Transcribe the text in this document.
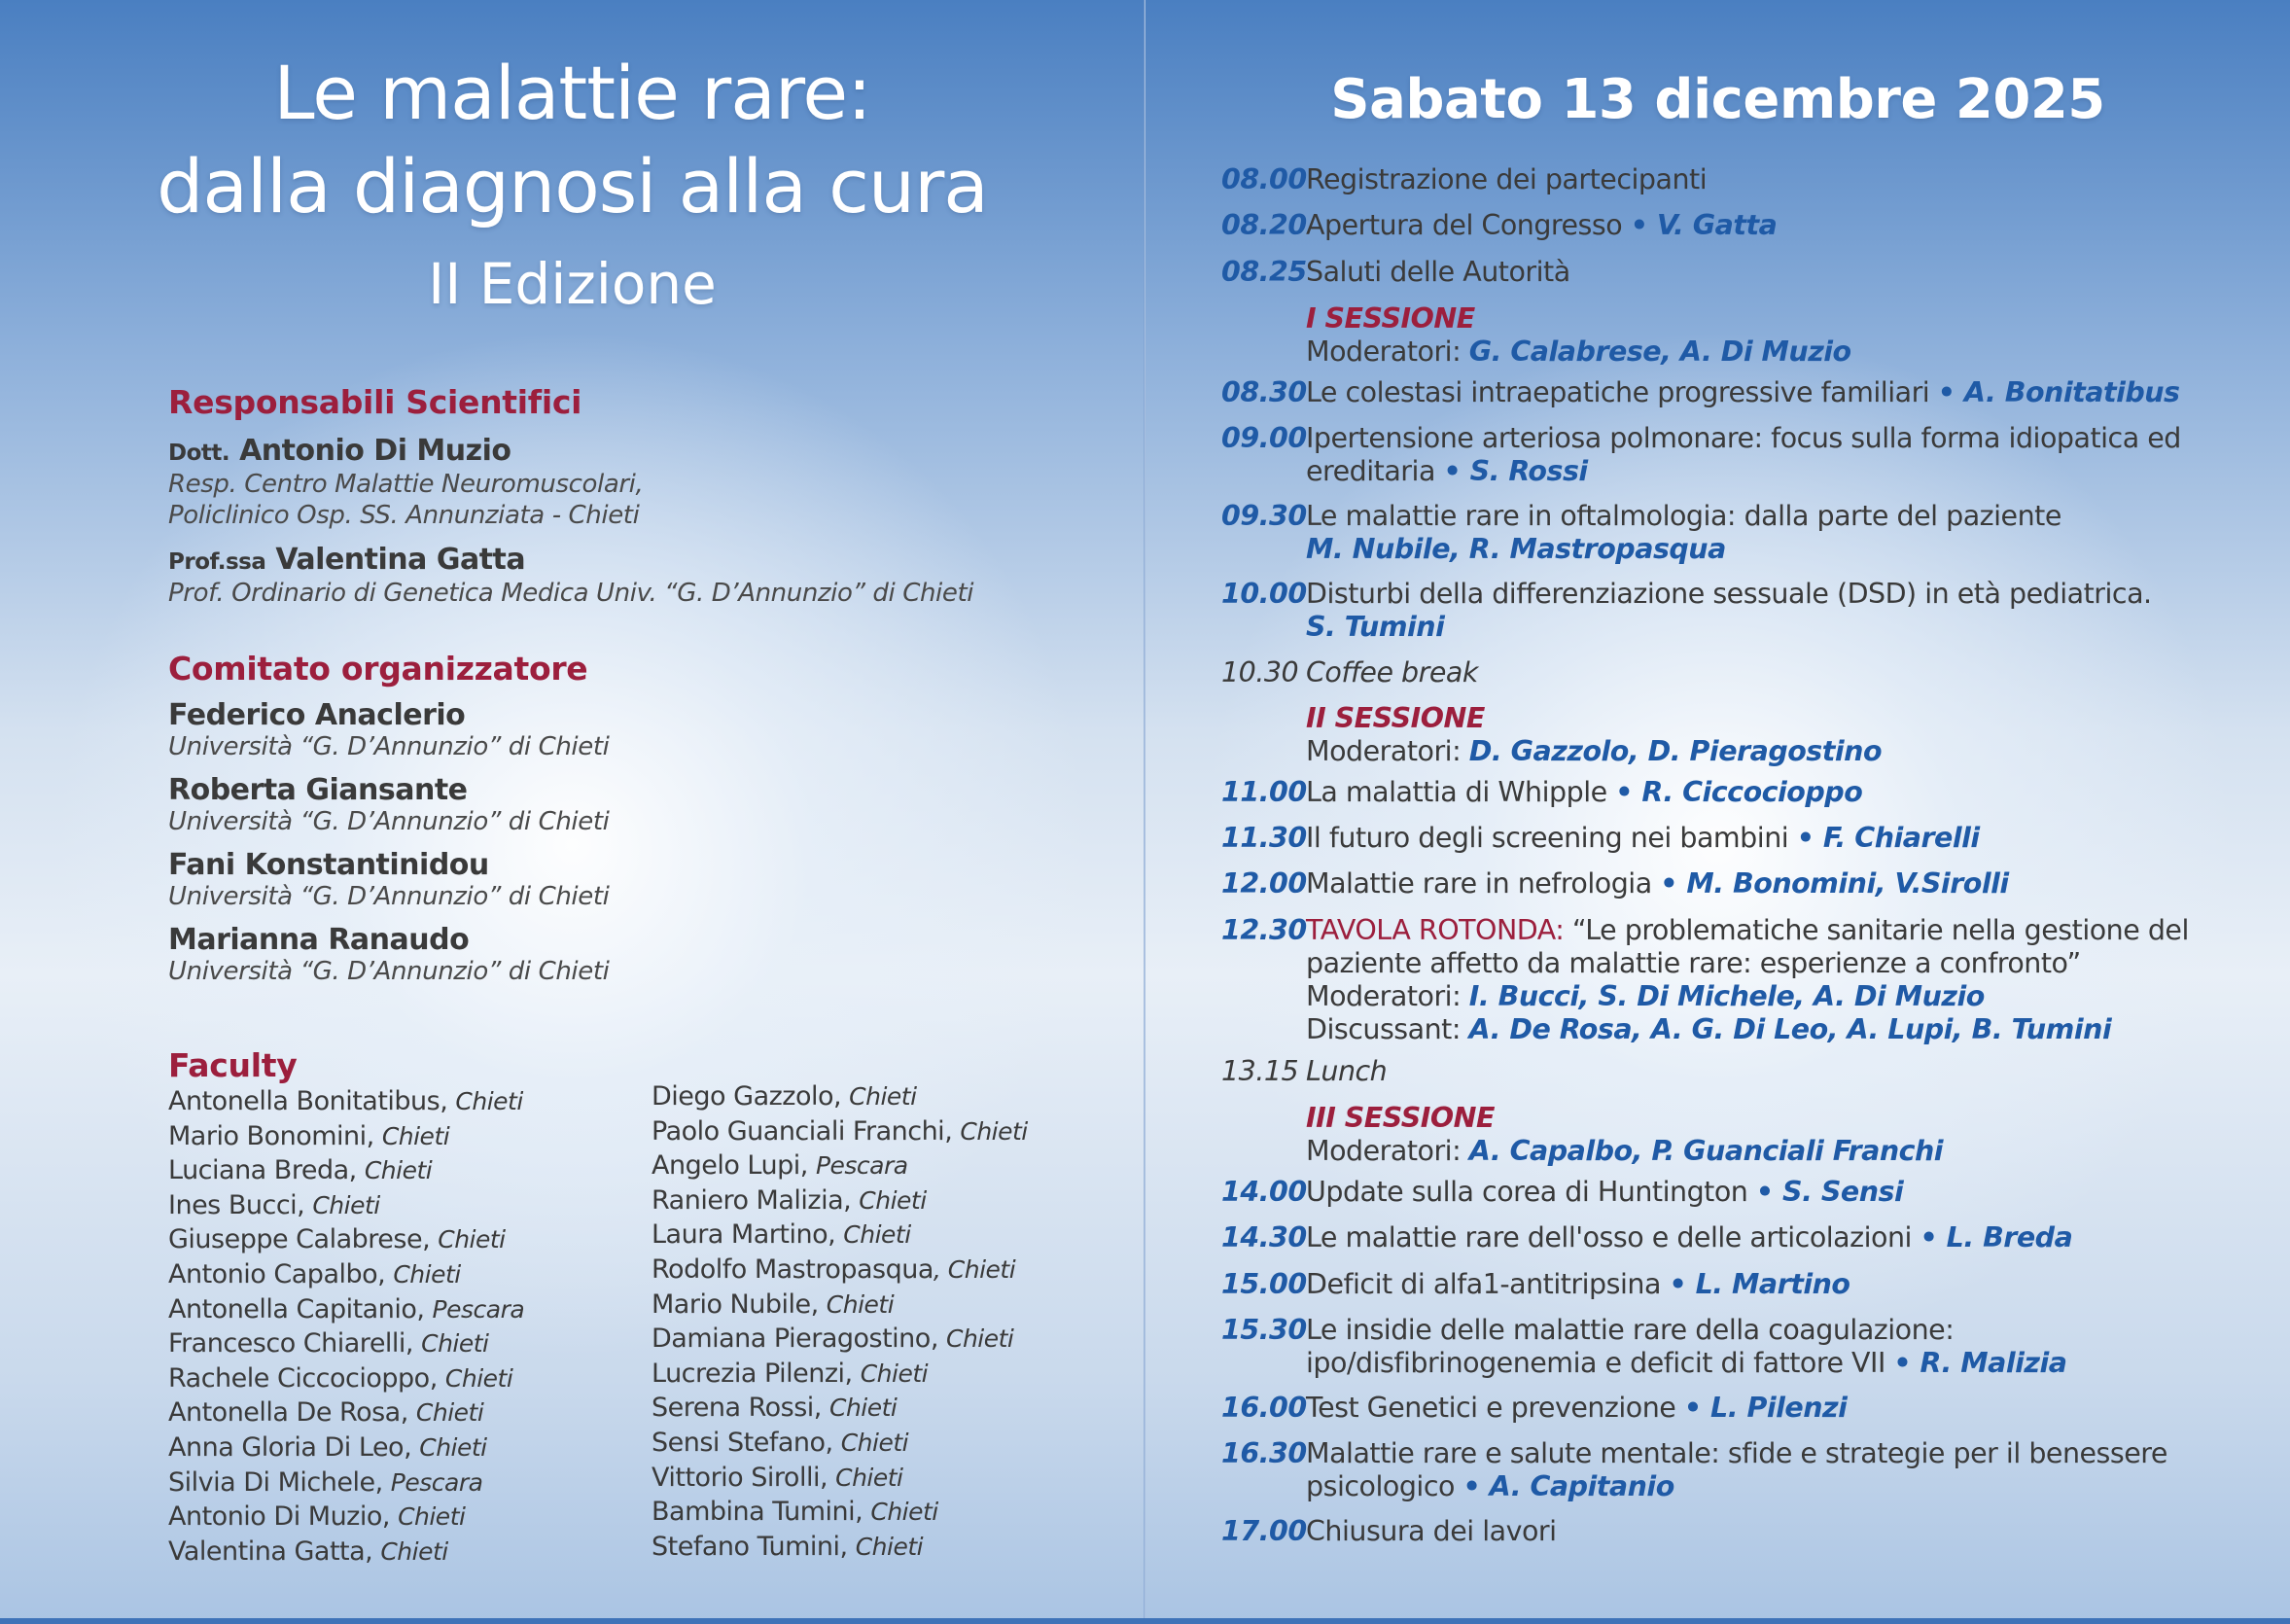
Le malattie rare:
dalla diagnosi alla cura
II Edizione
Responsabili Scientifici
Dott. Antonio Di Muzio
Resp. Centro Malattie Neuromuscolari,
Policlinico Osp. SS. Annunziata - Chieti
Prof.ssa Valentina Gatta
Prof. Ordinario di Genetica Medica Univ. “G. D’Annunzio” di Chieti
Comitato organizzatore
Federico Anaclerio
Università “G. D’Annunzio” di Chieti
Roberta Giansante
Università “G. D’Annunzio” di Chieti
Fani Konstantinidou
Università “G. D’Annunzio” di Chieti
Marianna Ranaudo
Università “G. D’Annunzio” di Chieti
Faculty
Antonella Bonitatibus, Chieti
Mario Bonomini, Chieti
Luciana Breda, Chieti
Ines Bucci, Chieti
Giuseppe Calabrese, Chieti
Antonio Capalbo, Chieti
Antonella Capitanio, Pescara
Francesco Chiarelli, Chieti
Rachele Ciccocioppo, Chieti
Antonella De Rosa, Chieti
Anna Gloria Di Leo, Chieti
Silvia Di Michele, Pescara
Antonio Di Muzio, Chieti
Valentina Gatta, Chieti
Diego Gazzolo, Chieti
Paolo Guanciali Franchi, Chieti
Angelo Lupi, Pescara
Raniero Malizia, Chieti
Laura Martino, Chieti
Rodolfo Mastropasqua, Chieti
Mario Nubile, Chieti
Damiana Pieragostino, Chieti
Lucrezia Pilenzi, Chieti
Serena Rossi, Chieti
Sensi Stefano, Chieti
Vittorio Sirolli, Chieti
Bambina Tumini, Chieti
Stefano Tumini, Chieti
Sabato 13 dicembre 2025
08.00 Registrazione dei partecipanti
08.20 Apertura del Congresso • V. Gatta
08.25 Saluti delle Autorità
I SESSIONE
Moderatori: G. Calabrese, A. Di Muzio
08.30 Le colestasi intraepatiche progressive familiari • A. Bonitatibus
09.00 Ipertensione arteriosa polmonare: focus sulla forma idiopatica ed
ereditaria • S. Rossi
09.30 Le malattie rare in oftalmologia: dalla parte del paziente
M. Nubile, R. Mastropasqua
10.00 Disturbi della differenziazione sessuale (DSD) in età pediatrica.
S. Tumini
10.30 Coffee break
II SESSIONE
Moderatori: D. Gazzolo, D. Pieragostino
11.00 La malattia di Whipple • R. Ciccocioppo
11.30 Il futuro degli screening nei bambini • F. Chiarelli
12.00 Malattie rare in nefrologia • M. Bonomini, V.Sirolli
12.30 TAVOLA ROTONDA: “Le problematiche sanitarie nella gestione del
paziente affetto da malattie rare: esperienze a confronto”
Moderatori: I. Bucci, S. Di Michele, A. Di Muzio
Discussant: A. De Rosa, A. G. Di Leo, A. Lupi, B. Tumini
13.15 Lunch
III SESSIONE
Moderatori: A. Capalbo, P. Guanciali Franchi
14.00 Update sulla corea di Huntington • S. Sensi
14.30 Le malattie rare dell'osso e delle articolazioni • L. Breda
15.00 Deficit di alfa1-antitripsina • L. Martino
15.30 Le insidie delle malattie rare della coagulazione:
ipo/disfibrinogenemia e deficit di fattore VII • R. Malizia
16.00 Test Genetici e prevenzione • L. Pilenzi
16.30 Malattie rare e salute mentale: sfide e strategie per il benessere
psicologico • A. Capitanio
17.00 Chiusura dei lavori
